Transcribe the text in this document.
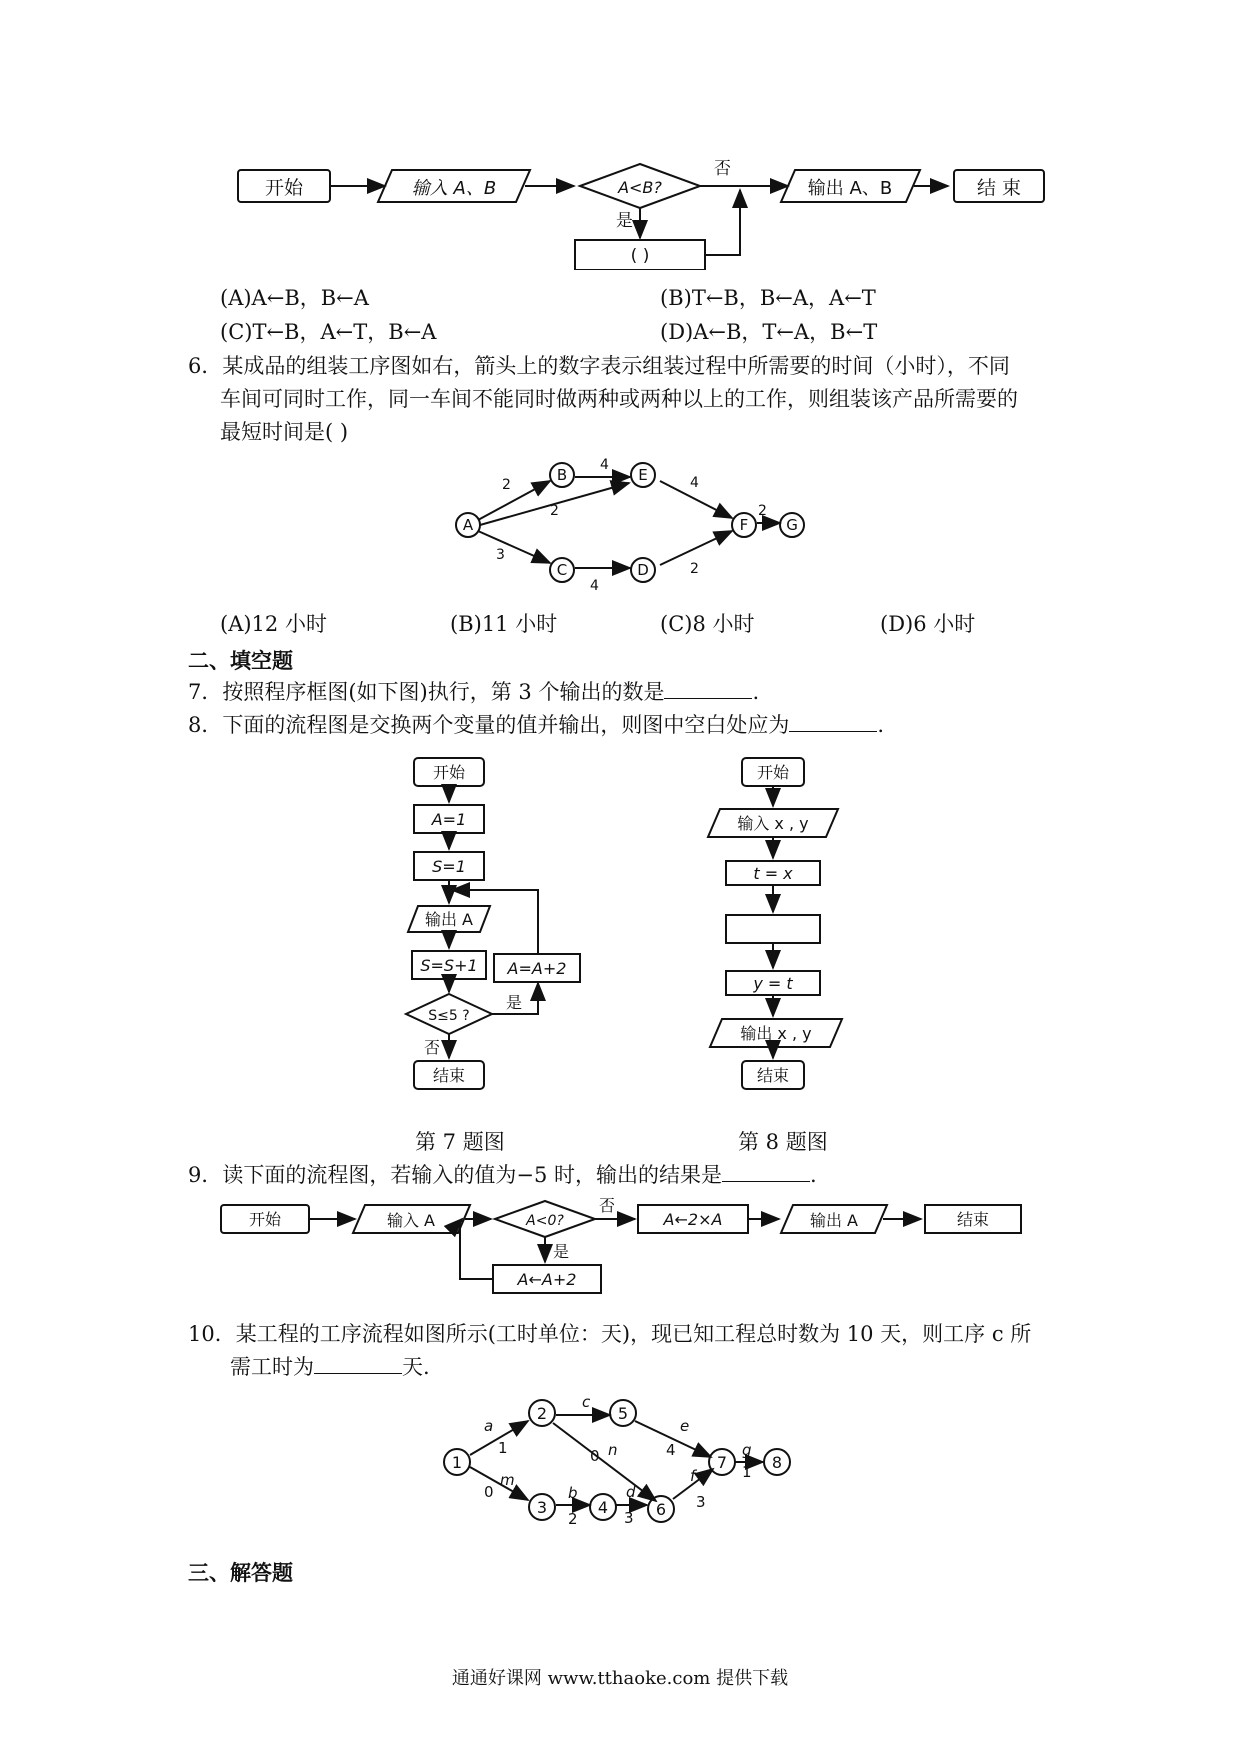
开始	输入 A、B	A<B?
否
是
( )
输出 A、B	结 束
(A)A←B，B←A	(B)T←B，B←A，A←T
(C)T←B，A←T，B←A	(D)A←B，T←A，B←T
6．某成品的组装工序图如右，箭头上的数字表示组装过程中所需要的时间（小时），不同
车间可同时工作，同一车间不能同时做两种或两种以上的工作，则组装该产品所需要的
最短时间是( )
A
B	E
C	D
F	G
2
4
2
3
4
4
2
2
(A)12 小时	(B)11 小时	(C)8 小时	(D)6 小时
二、填空题
7．按照程序框图(如下图)执行，第 3 个输出的数是	.
8．下面的流程图是交换两个变量的值并输出，则图中空白处应为	.
开始
A=1
S=1
输出 A
S=S+1
S≤5 ?
A=A+2
是
否
结束
开始
输入 x , y
t = x
y = t
输出 x , y
结束
第 7 题图	第 8 题图
9．读下面的流程图，若输入的值为−5 时，输出的结果是	.
开始	输入 A	A<0?
否
是
A←2×A	输出 A	结束
A←A+2
10．某工程的工序流程如图所示(工时单位：天)，现已知工程总时数为 10 天，则工序 c 所
需工时为	天.
1
2
3	4
5
6
7	8
a
1
m
0
c
n
0
e
4
b
2
d
3
f
3
g
1
三、解答题
通通好课网 www.tthaoke.com 提供下载
